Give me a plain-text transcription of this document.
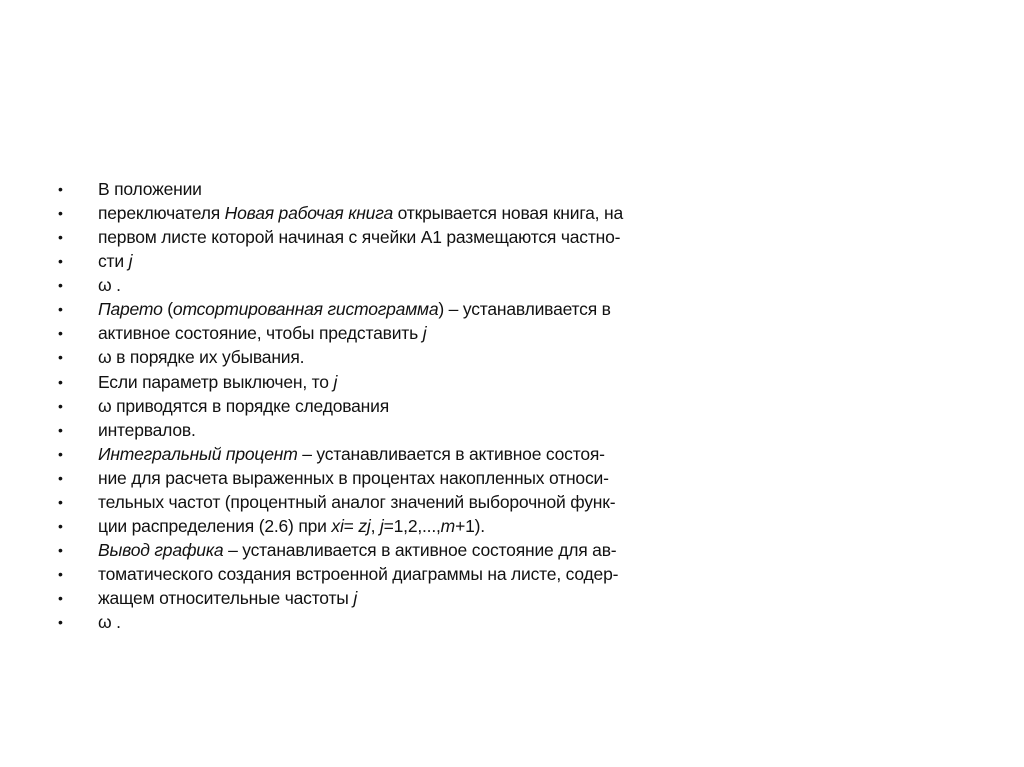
•	В положении
•	переключателя Новая рабочая книга открывается новая книга, на
•	первом листе которой начиная с ячейки А1 размещаются частно-
•	сти j
•	ω .
•	Парето (отсортированная гистограмма) – устанавливается в
•	активное состояние, чтобы представить j
•	ω в порядке их убывания.
•	Если параметр выключен, то j
•	ω приводятся в порядке следования
•	интервалов.
•	Интегральный процент – устанавливается в активное состоя-
•	ние для расчета выраженных в процентах накопленных относи-
•	тельных частот (процентный аналог значений выборочной функ-
•	ции распределения (2.6) при xi= zj, j=1,2,...,m+1).
•	Вывод графика – устанавливается в активное состояние для ав-
•	томатического создания встроенной диаграммы на листе, содер-
•	жащем относительные частоты j
•	ω .
